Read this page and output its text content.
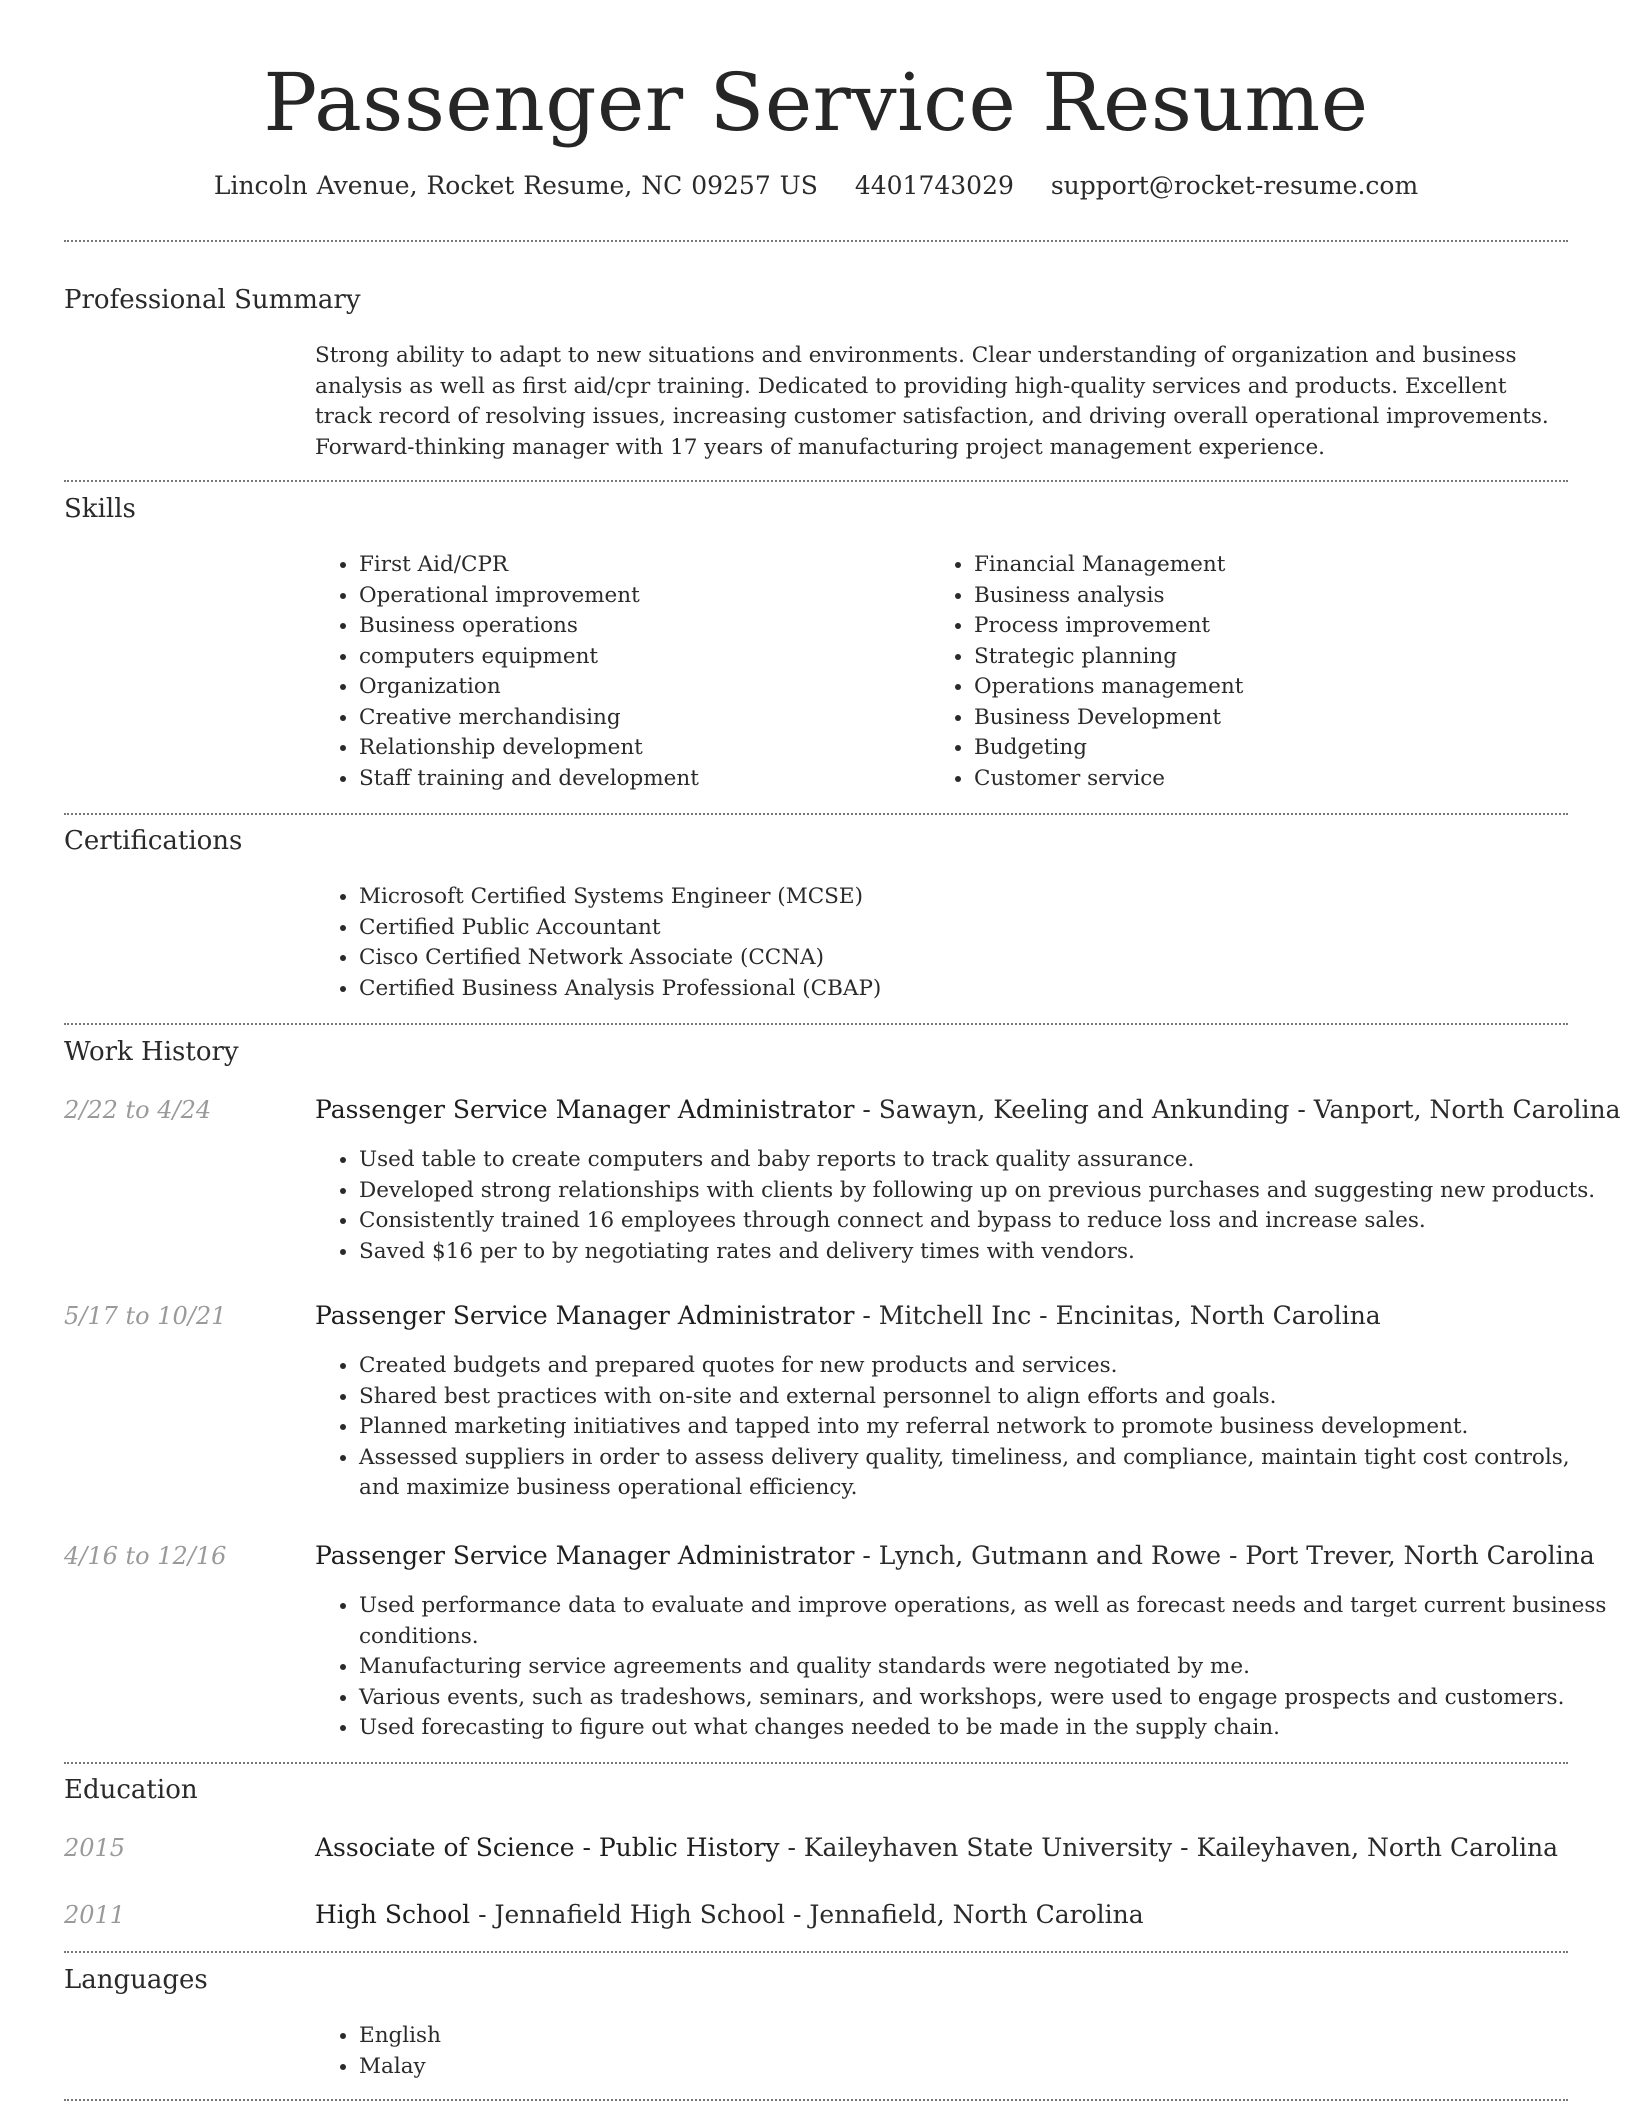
Passenger Service Resume
Lincoln Avenue, Rocket Resume, NC 09257 US 4401743029 support@rocket-resume.com
Professional Summary
Strong ability to adapt to new situations and environments. Clear understanding of organization and business analysis as well as first aid/cpr training. Dedicated to providing high-quality services and products. Excellent track record of resolving issues, increasing customer satisfaction, and driving overall operational improvements. Forward-thinking manager with 17 years of manufacturing project management experience.
Skills
• First Aid/CPR
• Operational improvement
• Business operations
• computers equipment
• Organization
• Creative merchandising
• Relationship development
• Staff training and development
• Financial Management
• Business analysis
• Process improvement
• Strategic planning
• Operations management
• Business Development
• Budgeting
• Customer service
Certifications
• Microsoft Certified Systems Engineer (MCSE)
• Certified Public Accountant
• Cisco Certified Network Associate (CCNA)
• Certified Business Analysis Professional (CBAP)
Work History
2/22 to 4/24	Passenger Service Manager Administrator - Sawayn, Keeling and Ankunding - Vanport, North Carolina
• Used table to create computers and baby reports to track quality assurance.
• Developed strong relationships with clients by following up on previous purchases and suggesting new products.
• Consistently trained 16 employees through connect and bypass to reduce loss and increase sales.
• Saved $16 per to by negotiating rates and delivery times with vendors.
5/17 to 10/21	Passenger Service Manager Administrator - Mitchell Inc - Encinitas, North Carolina
• Created budgets and prepared quotes for new products and services.
• Shared best practices with on-site and external personnel to align efforts and goals.
• Planned marketing initiatives and tapped into my referral network to promote business development.
• Assessed suppliers in order to assess delivery quality, timeliness, and compliance, maintain tight cost controls, and maximize business operational efficiency.
4/16 to 12/16	Passenger Service Manager Administrator - Lynch, Gutmann and Rowe - Port Trever, North Carolina
• Used performance data to evaluate and improve operations, as well as forecast needs and target current business conditions.
• Manufacturing service agreements and quality standards were negotiated by me.
• Various events, such as tradeshows, seminars, and workshops, were used to engage prospects and customers.
• Used forecasting to figure out what changes needed to be made in the supply chain.
Education
2015	Associate of Science - Public History - Kaileyhaven State University - Kaileyhaven, North Carolina
2011	High School - Jennafield High School - Jennafield, North Carolina
Languages
• English
• Malay
